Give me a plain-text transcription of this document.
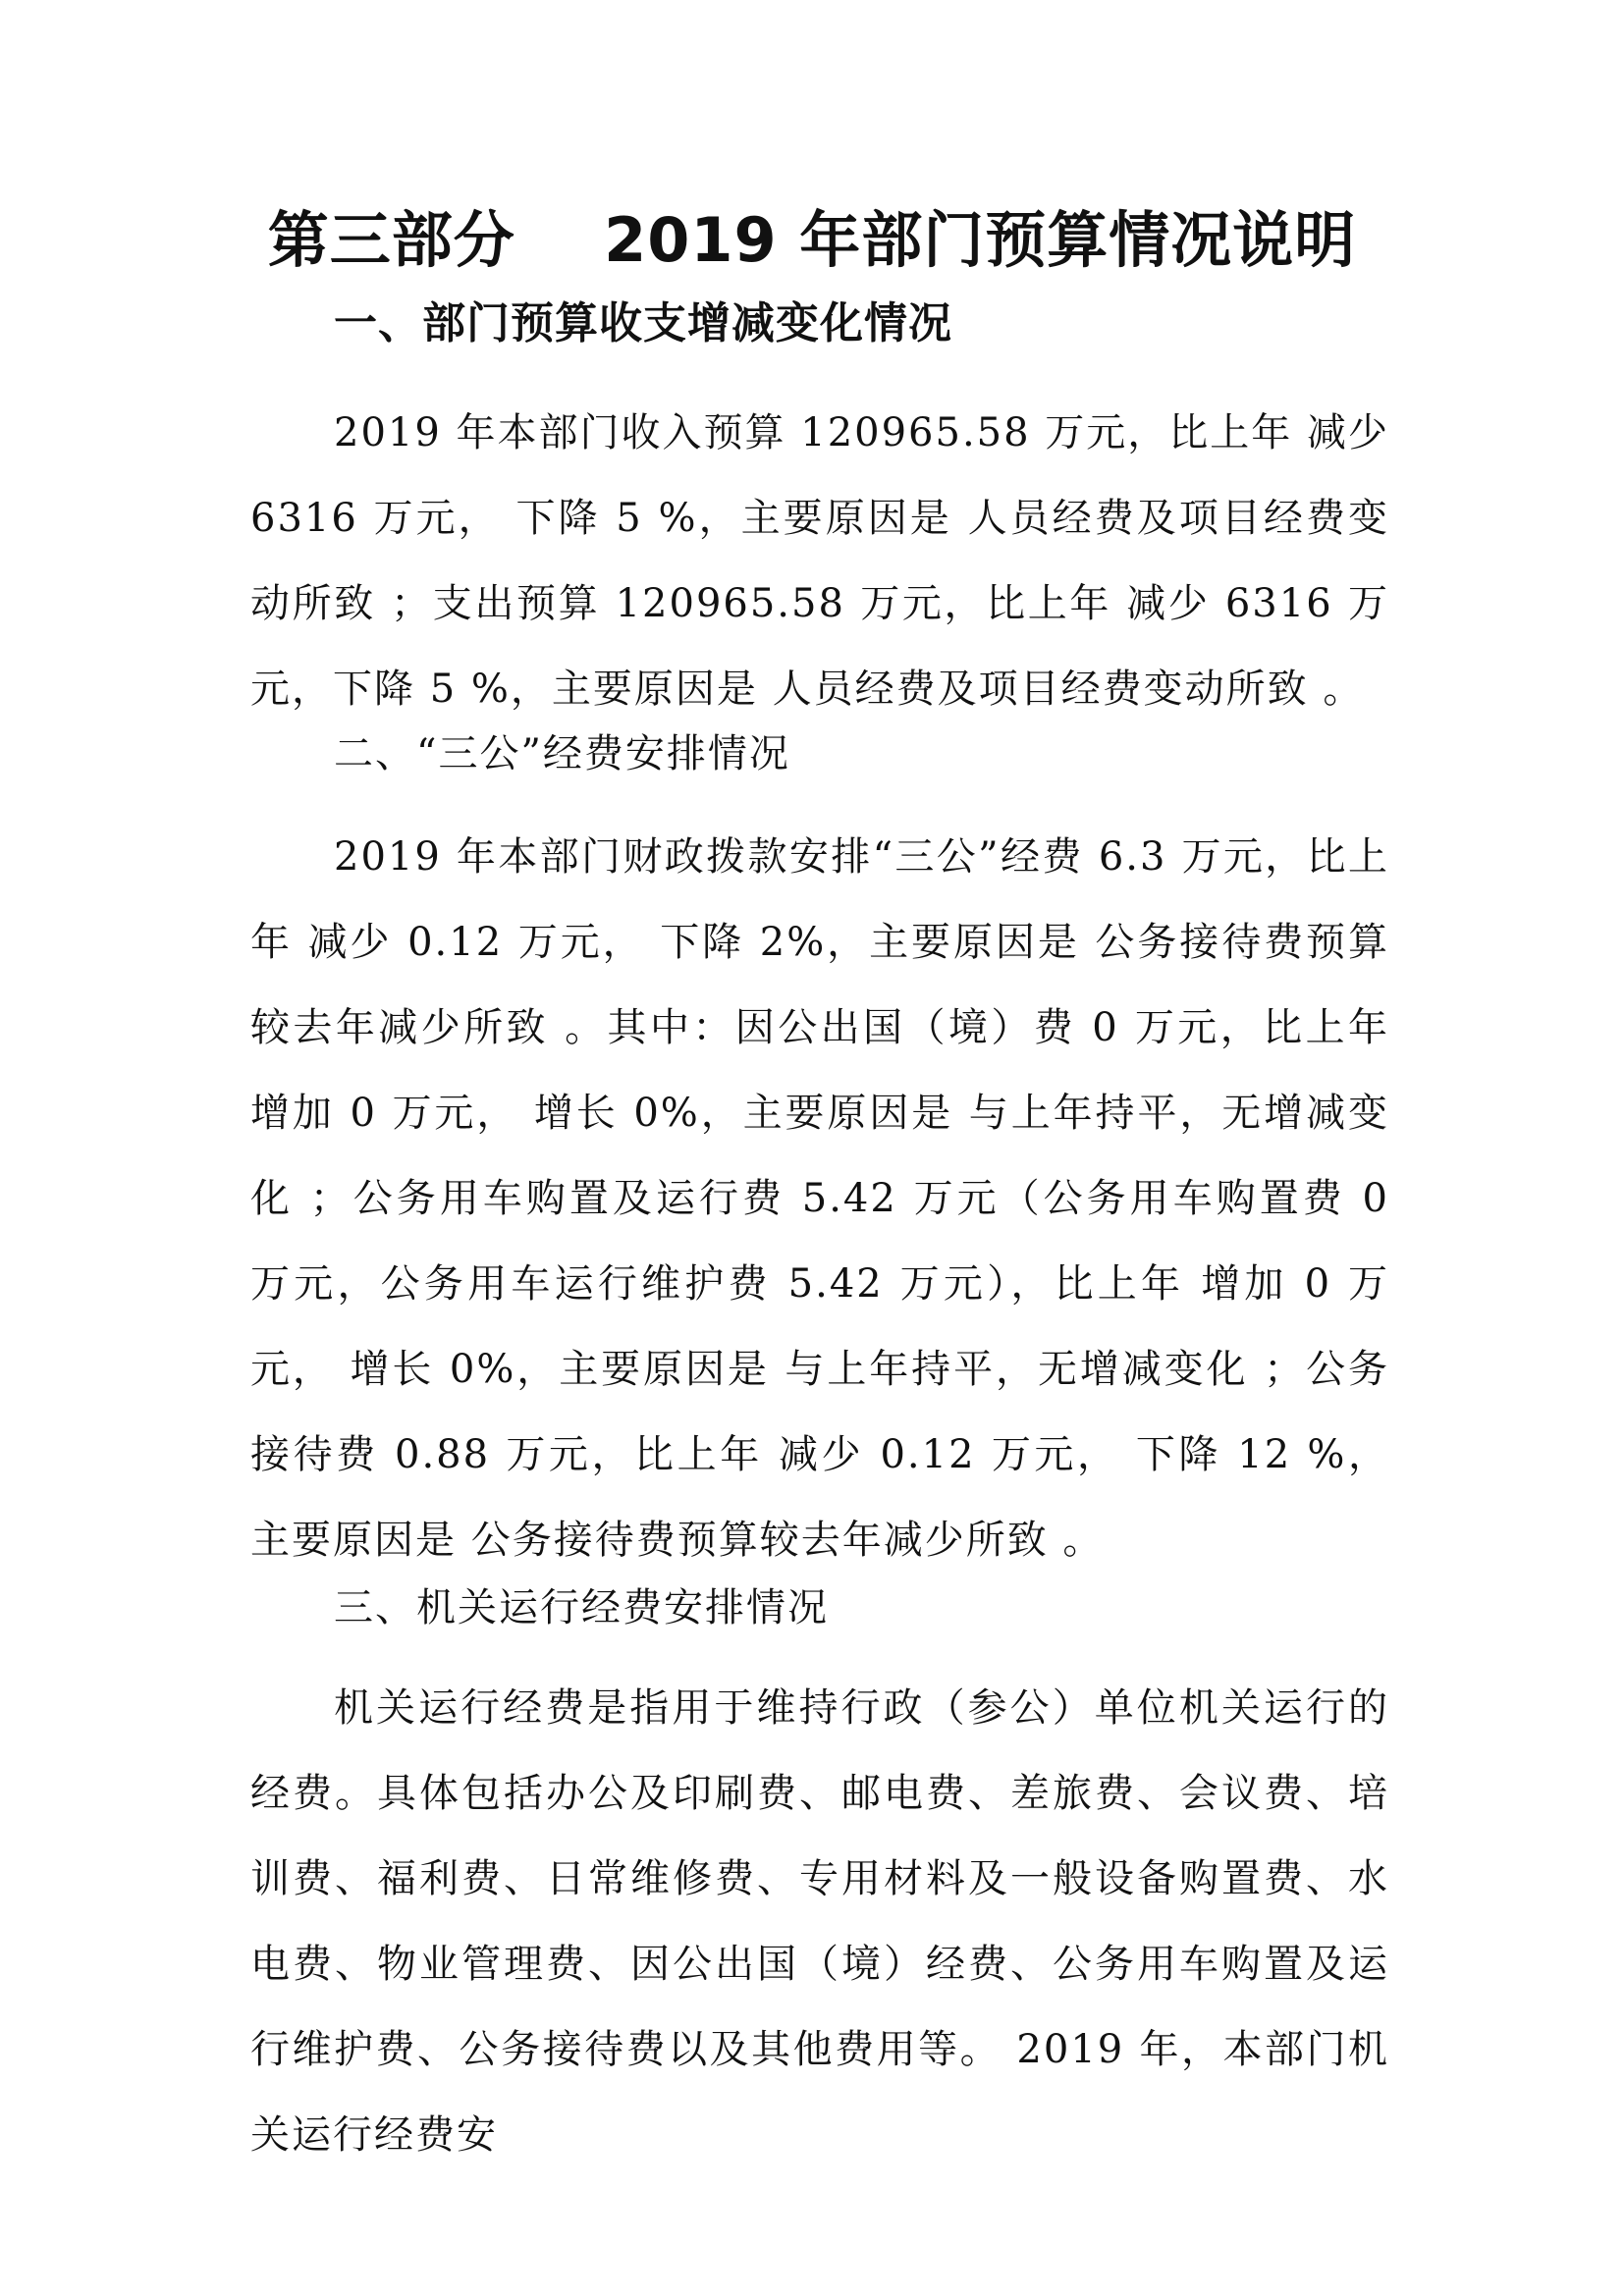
第三部分    2019 年部门预算情况说明
一、部门预算收支增减变化情况
2019 年本部门收入预算 120965.58 万元，比上年 减少 6316 万元， 下降 5 %，主要原因是 人员经费及项目经费变动所致 ；支出预算 120965.58 万元，比上年 减少 6316 万元，下降 5 %，主要原因是 人员经费及项目经费变动所致 。
二、“三公”经费安排情况
2019 年本部门财政拨款安排“三公”经费 6.3 万元，比上年 减少 0.12 万元， 下降 2%，主要原因是 公务接待费预算较去年减少所致 。其中：因公出国（境）费 0 万元，比上年 增加 0 万元， 增长 0%，主要原因是 与上年持平，无增减变化 ；公务用车购置及运行费 5.42 万元（公务用车购置费 0 万元，公务用车运行维护费 5.42 万元），比上年 增加 0 万元， 增长 0%，主要原因是 与上年持平，无增减变化 ；公务接待费 0.88 万元，比上年 减少 0.12 万元， 下降 12 %，主要原因是 公务接待费预算较去年减少所致 。
三、机关运行经费安排情况
机关运行经费是指用于维持行政（参公）单位机关运行的经费。具体包括办公及印刷费、邮电费、差旅费、会议费、培训费、福利费、日常维修费、专用材料及一般设备购置费、水电费、物业管理费、因公出国（境）经费、公务用车购置及运行维护费、公务接待费以及其他费用等。 2019 年，本部门机关运行经费安
